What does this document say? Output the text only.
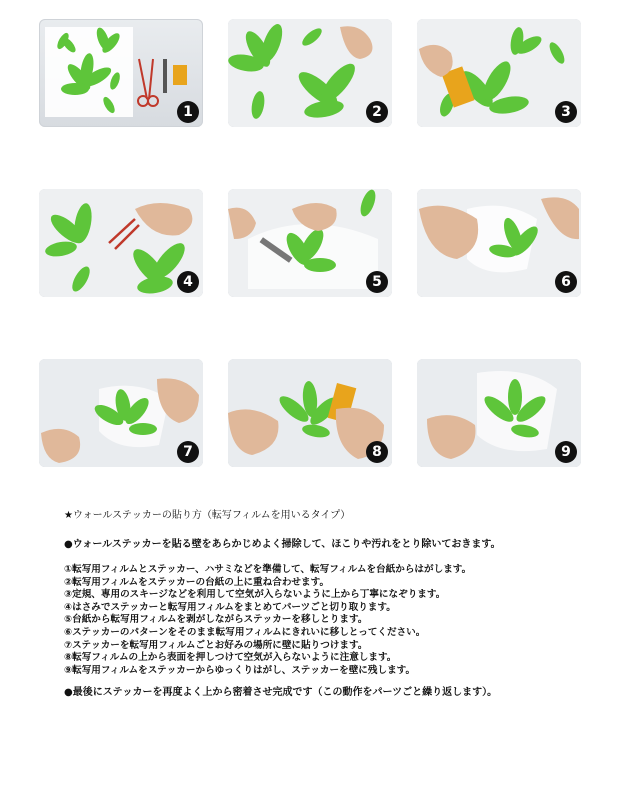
1	2	3
4	5	6
7	8	9

★ウォールステッカーの貼り方（転写フィルムを用いるタイプ）

●ウォールステッカーを貼る壁をあらかじめよく掃除して、ほこりや汚れをとり除いておきます。

①転写用フィルムとステッカー、ハサミなどを準備して、転写フィルムを台紙からはがします。
②転写用フィルムをステッカーの台紙の上に重ね合わせます。
③定規、専用のスキージなどを利用して空気が入らないように上から丁寧になぞります。
④はさみでステッカーと転写用フィルムをまとめてパーツごと切り取ります。
⑤台紙から転写用フィルムを剥がしながらステッカーを移しとります。
⑥ステッカーのパターンをそのまま転写用フィルムにきれいに移しとってください。
⑦ステッカーを転写用フィルムごとお好みの場所に壁に貼りつけます。
⑧転写フィルムの上から表面を押しつけて空気が入らないように注意します。
⑨転写用フィルムをステッカーからゆっくりはがし、ステッカーを壁に残します。

●最後にステッカーを再度よく上から密着させ完成です（この動作をパーツごと繰り返します）。
